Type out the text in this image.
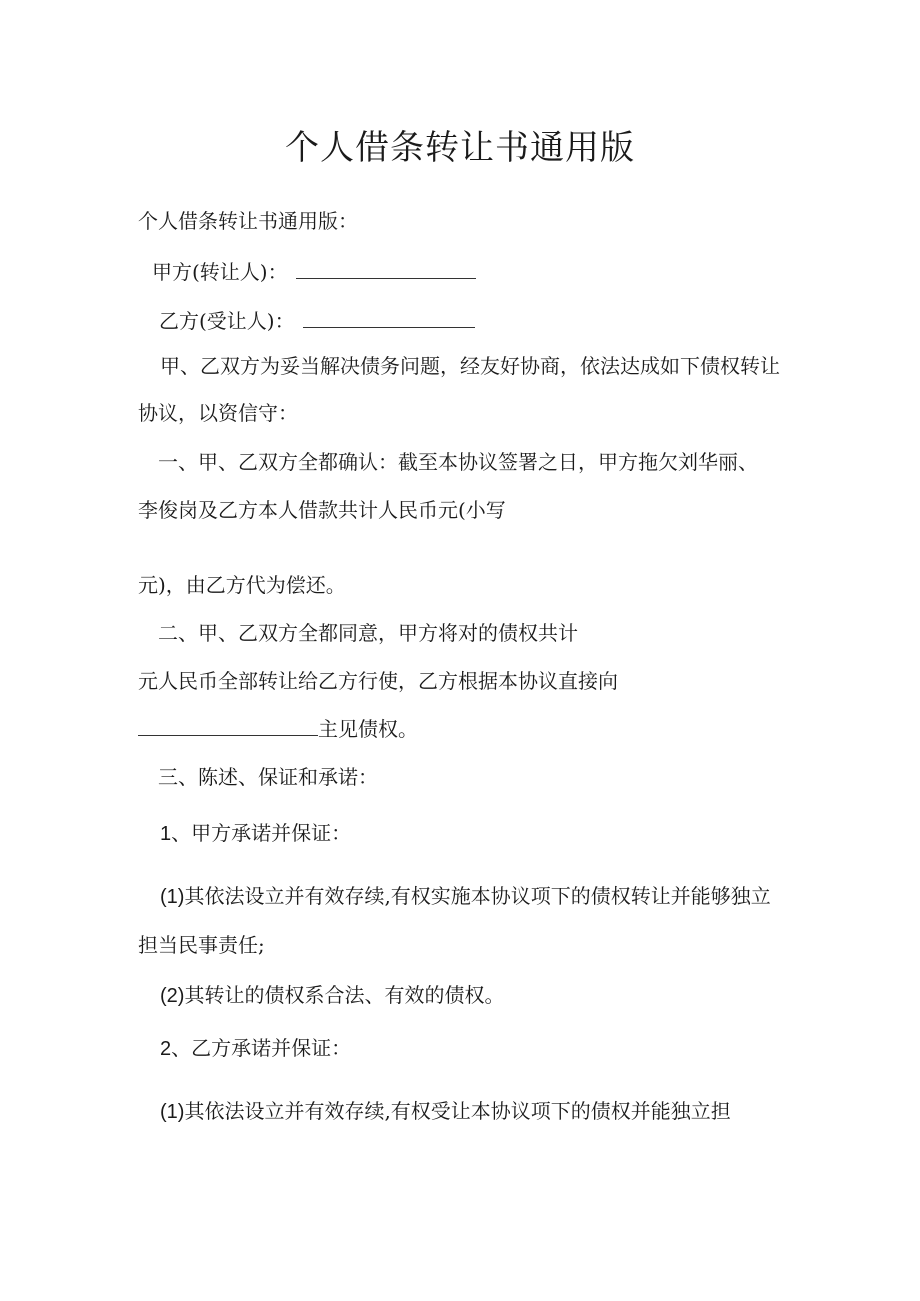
个人借条转让书通用版
个人借条转让书通用版：
甲方(转让人)：
乙方(受让人)：
甲、乙双方为妥当解决债务问题，经友好协商，依法达成如下债权转让
协议，以资信守：
一、甲、乙双方全都确认：截至本协议签署之日，甲方拖欠刘华丽、
李俊岗及乙方本人借款共计人民币元(小写
元)，由乙方代为偿还。
二、甲、乙双方全都同意，甲方将对的债权共计
元人民币全部转让给乙方行使，乙方根据本协议直接向
主见债权。
三、陈述、保证和承诺：
1、甲方承诺并保证：
(1)其依法设立并有效存续,有权实施本协议项下的债权转让并能够独立
担当民事责任;
(2)其转让的债权系合法、有效的债权。
2、乙方承诺并保证：
(1)其依法设立并有效存续,有权受让本协议项下的债权并能独立担
